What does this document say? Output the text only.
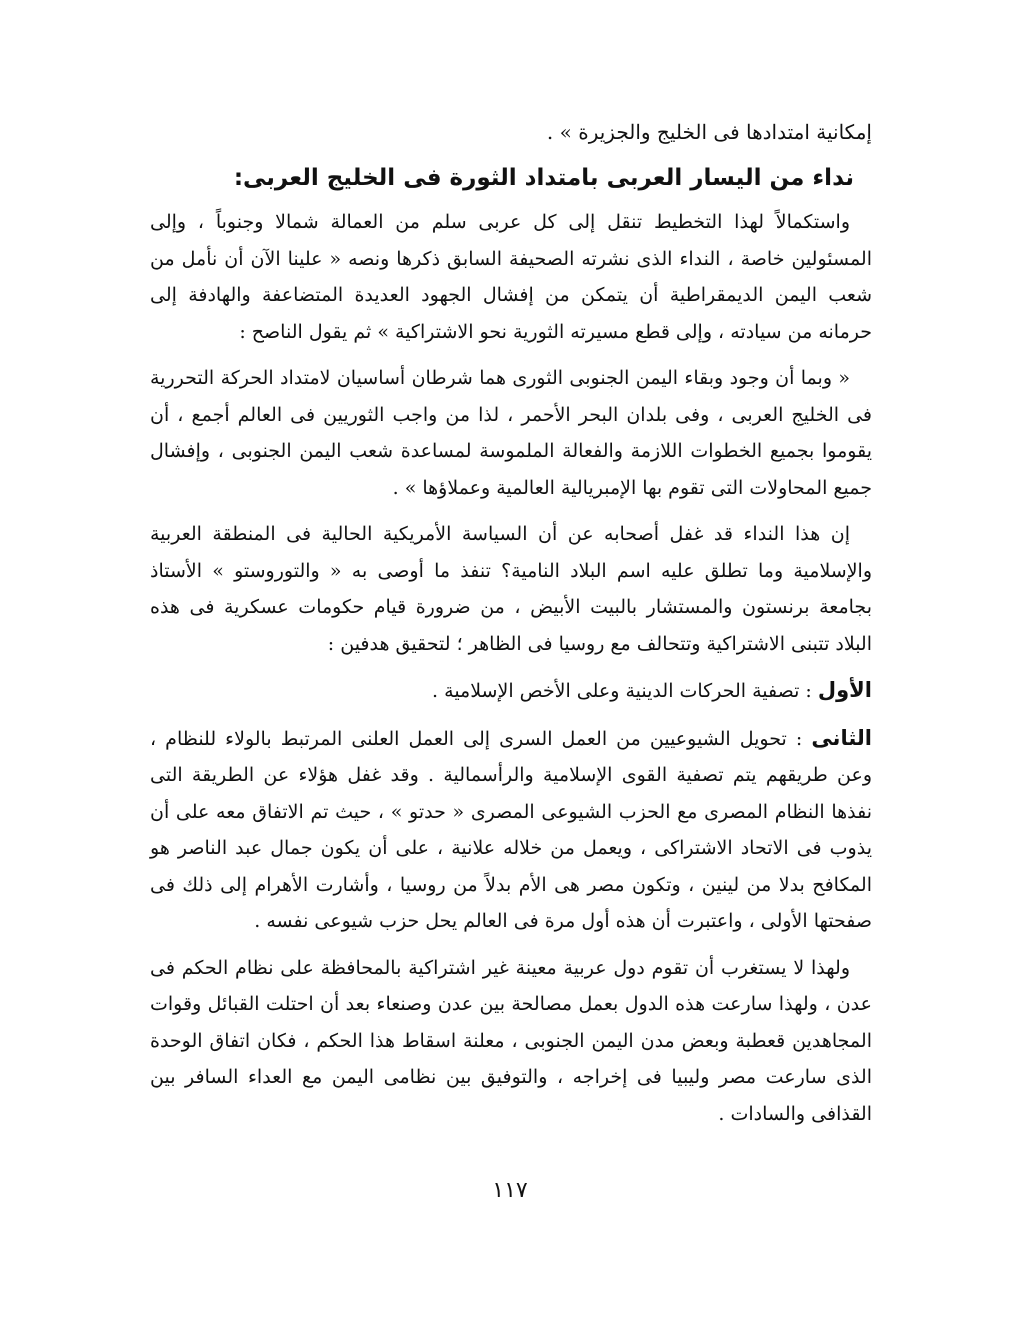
إمكانية امتدادها فى الخليج والجزيرة » .

نداء من اليسار العربى بامتداد الثورة فى الخليج العربى:

واستكمالاً لهذا التخطيط تنقل إلى كل عربى سلم من العمالة شمالا وجنوباً ، وإلى المسئولين خاصة ، النداء الذى نشرته الصحيفة السابق ذكرها ونصه « علينا الآن أن نأمل من شعب اليمن الديمقراطية أن يتمكن من إفشال الجهود العديدة المتضاعفة والهادفة إلى حرمانه من سيادته ، وإلى قطع مسيرته الثورية نحو الاشتراكية » ثم يقول الناصح :

« وبما أن وجود وبقاء اليمن الجنوبى الثورى هما شرطان أساسيان لامتداد الحركة التحررية فى الخليج العربى ، وفى بلدان البحر الأحمر ، لذا من واجب الثوريين فى العالم أجمع ، أن يقوموا بجميع الخطوات اللازمة والفعالة الملموسة لمساعدة شعب اليمن الجنوبى ، وإفشال جميع المحاولات التى تقوم بها الإمبريالية العالمية وعملاؤها » .

إن هذا النداء قد غفل أصحابه عن أن السياسة الأمريكية الحالية فى المنطقة العربية والإسلامية وما تطلق عليه اسم البلاد النامية؟ تنفذ ما أوصى به « والتوروستو » الأستاذ بجامعة برنستون والمستشار بالبيت الأبيض ، من ضرورة قيام حكومات عسكرية فى هذه البلاد تتبنى الاشتراكية وتتحالف مع روسيا فى الظاهر ؛ لتحقيق هدفين :

الأول : تصفية الحركات الدينية وعلى الأخص الإسلامية .

الثانى : تحويل الشيوعيين من العمل السرى إلى العمل العلنى المرتبط بالولاء للنظام ، وعن طريقهم يتم تصفية القوى الإسلامية والرأسمالية . وقد غفل هؤلاء عن الطريقة التى نفذها النظام المصرى مع الحزب الشيوعى المصرى « حدتو » ، حيث تم الاتفاق معه على أن يذوب فى الاتحاد الاشتراكى ، ويعمل من خلاله علانية ، على أن يكون جمال عبد الناصر هو المكافح بدلا من لينين ، وتكون مصر هى الأم بدلاً من روسيا ، وأشارت الأهرام إلى ذلك فى صفحتها الأولى ، واعتبرت أن هذه أول مرة فى العالم يحل حزب شيوعى نفسه .

ولهذا لا يستغرب أن تقوم دول عربية معينة غير اشتراكية بالمحافظة على نظام الحكم فى عدن ، ولهذا سارعت هذه الدول بعمل مصالحة بين عدن وصنعاء بعد أن احتلت القبائل وقوات المجاهدين قعطبة وبعض مدن اليمن الجنوبى ، معلنة اسقاط هذا الحكم ، فكان اتفاق الوحدة الذى سارعت مصر وليبيا فى إخراجه ، والتوفيق بين نظامى اليمن مع العداء السافر بين القذافى والسادات .

١١٧
